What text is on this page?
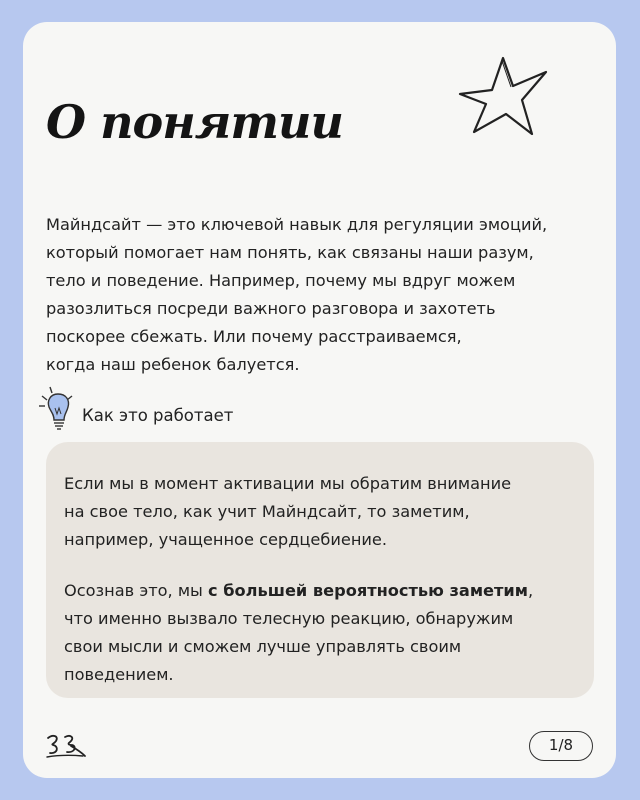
О понятии

Майндсайт — это ключевой навык для регуляции эмоций,
который помогает нам понять, как связаны наши разум,
тело и поведение. Например, почему мы вдруг можем
разозлиться посреди важного разговора и захотеть
поскорее сбежать. Или почему расстраиваемся,
когда наш ребенок балуется.

Как это работает

Если мы в момент активации мы обратим внимание
на свое тело, как учит Майндсайт, то заметим,
например, учащенное сердцебиение.

Осознав это, мы с большей вероятностью заметим,
что именно вызвало телесную реакцию, обнаружим
свои мысли и сможем лучше управлять своим
поведением.

1/8
